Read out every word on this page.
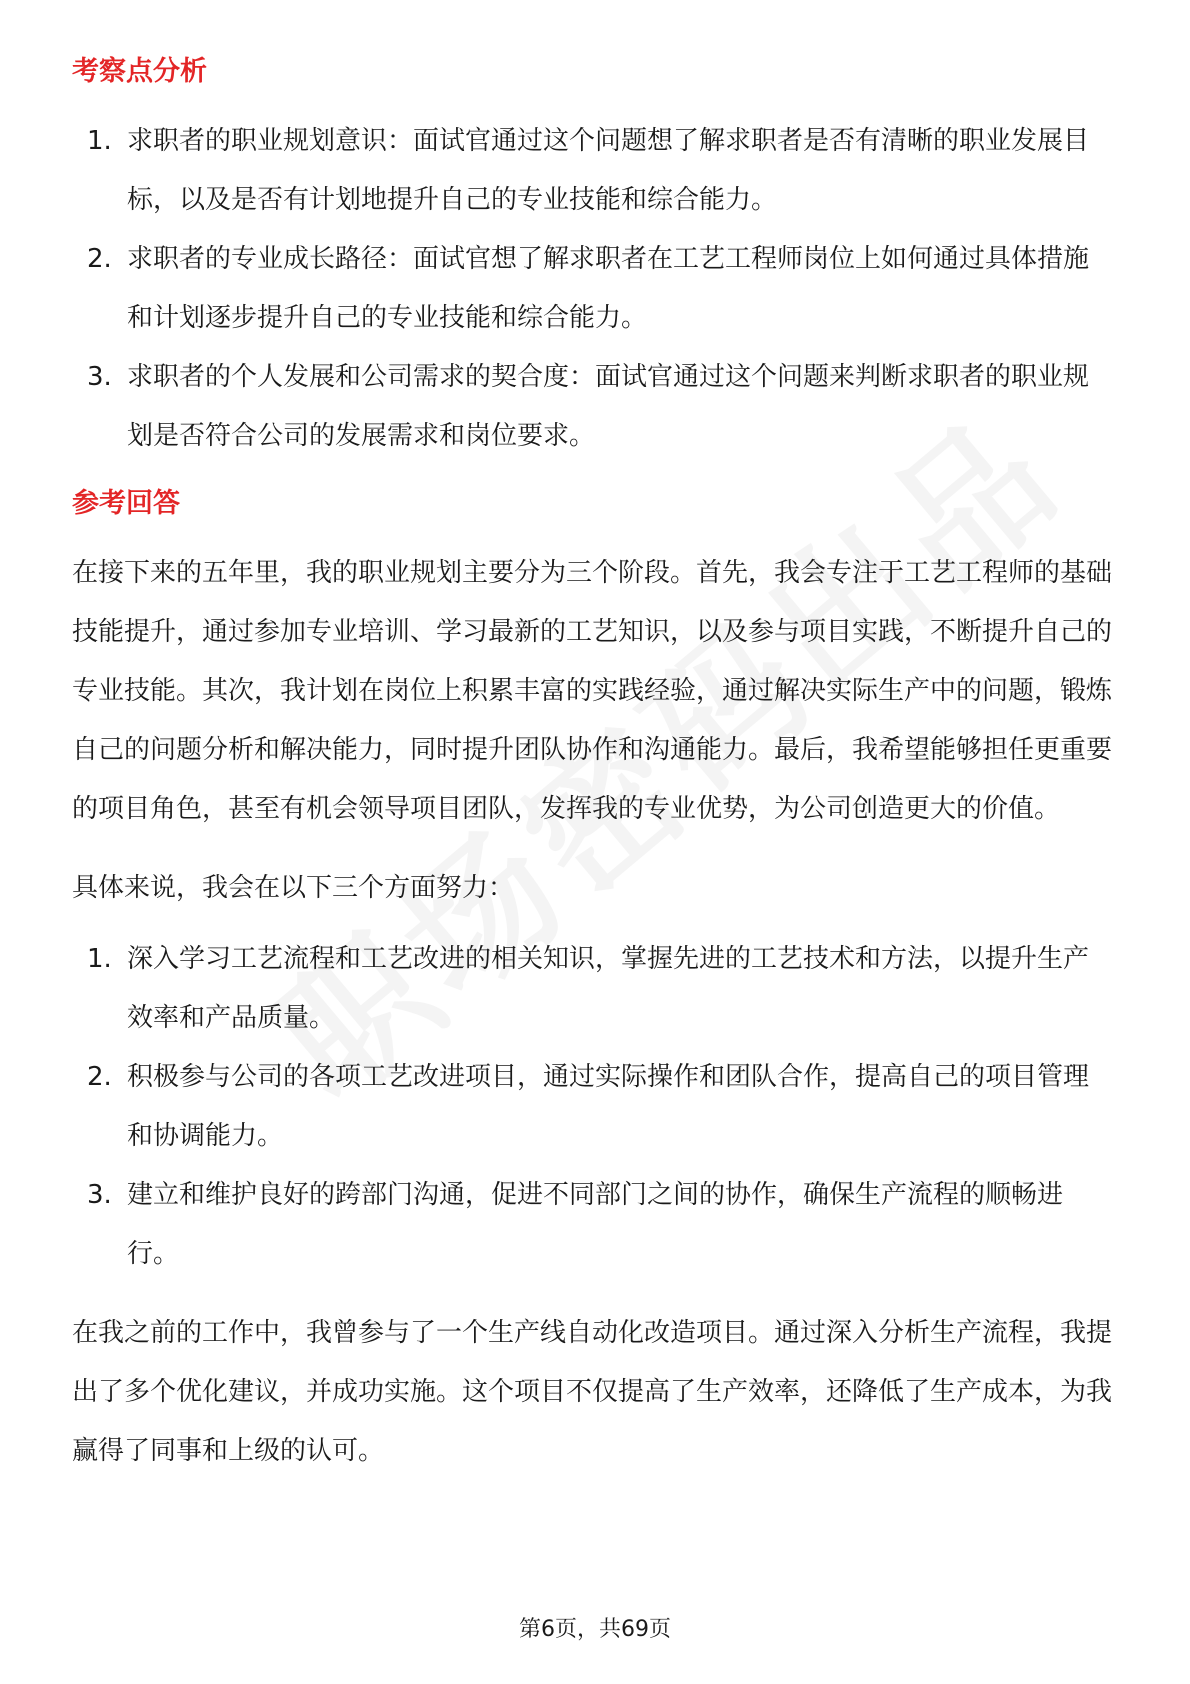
考察点分析
1. 求职者的职业规划意识：面试官通过这个问题想了解求职者是否有清晰的职业发展目标，以及是否有计划地提升自己的专业技能和综合能力。
2. 求职者的专业成长路径：面试官想了解求职者在工艺工程师岗位上如何通过具体措施和计划逐步提升自己的专业技能和综合能力。
3. 求职者的个人发展和公司需求的契合度：面试官通过这个问题来判断求职者的职业规划是否符合公司的发展需求和岗位要求。
参考回答

在接下来的五年里，我的职业规划主要分为三个阶段。首先，我会专注于工艺工程师的基础技能提升，通过参加专业培训、学习最新的工艺知识，以及参与项目实践，不断提升自己的专业技能。其次，我计划在岗位上积累丰富的实践经验，通过解决实际生产中的问题，锻炼自己的问题分析和解决能力，同时提升团队协作和沟通能力。最后，我希望能够担任更重要的项目角色，甚至有机会领导项目团队，发挥我的专业优势，为公司创造更大的价值。

具体来说，我会在以下三个方面努力：

1. 深入学习工艺流程和工艺改进的相关知识，掌握先进的工艺技术和方法，以提升生产效率和产品质量。
2. 积极参与公司的各项工艺改进项目，通过实际操作和团队合作，提高自己的项目管理和协调能力。
3. 建立和维护良好的跨部门沟通，促进不同部门之间的协作，确保生产流程的顺畅进行。

在我之前的工作中，我曾参与了一个生产线自动化改造项目。通过深入分析生产流程，我提出了多个优化建议，并成功实施。这个项目不仅提高了生产效率，还降低了生产成本，为我赢得了同事和上级的认可。

第6页，共69页
